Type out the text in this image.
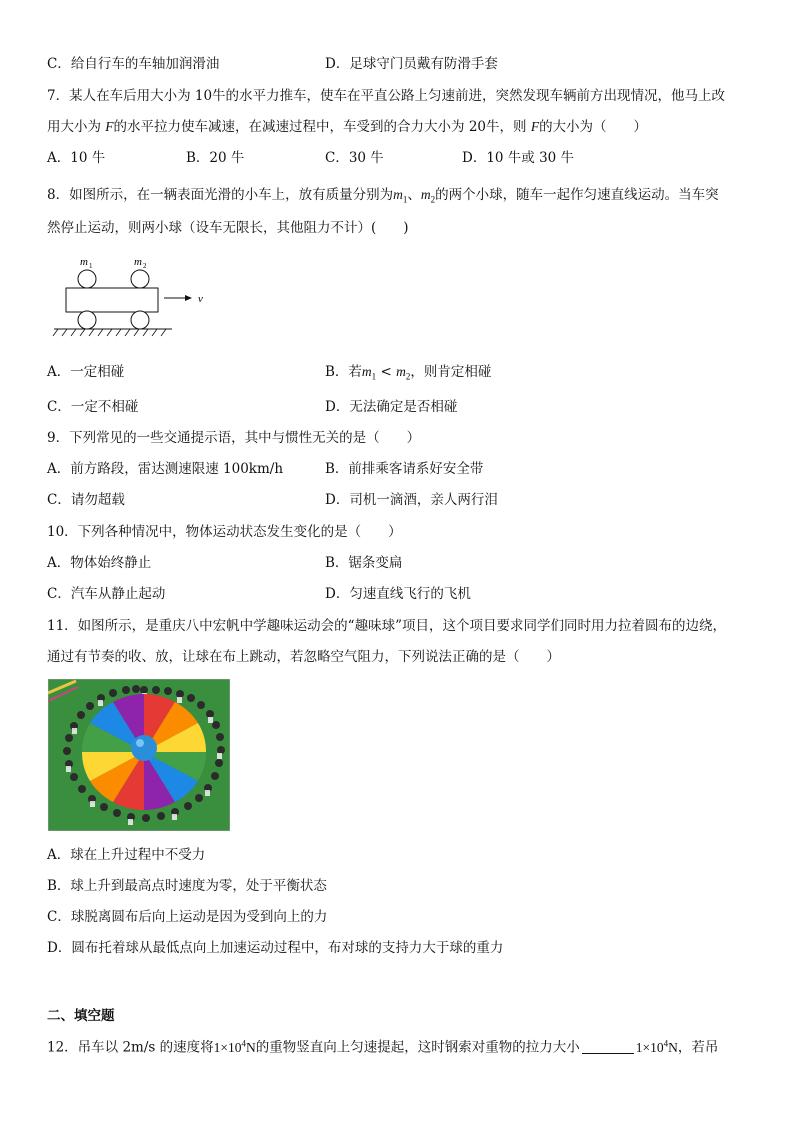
C．给自行车的车轴加润滑油	D．足球守门员戴有防滑手套
7．某人在车后用大小为 10牛的水平力推车，使车在平直公路上匀速前进，突然发现车辆前方出现情况，他马上改
用大小为 F的水平拉力使车减速，在减速过程中，车受到的合力大小为 20牛，则 F的大小为（　　）
A．10 牛	B．20 牛	C．30 牛	D．10 牛或 30 牛
8．如图所示，在一辆表面光滑的小车上，放有质量分别为$m_1$、$m_2$的两个小球，随车一起作匀速直线运动。当车突
然停止运动，则两小球（设车无限长，其他阻力不计）(　　)
m 1	m 2
v
A．一定相碰	B．若$m_1 < m_2$，则肯定相碰
C．一定不相碰	D．无法确定是否相碰
9．下列常见的一些交通提示语，其中与惯性无关的是（　　）
A．前方路段，雷达测速限速 100km/h	B．前排乘客请系好安全带
C．请勿超载	D．司机一滴酒，亲人两行泪
10．下列各种情况中，物体运动状态发生变化的是（　　）
A．物体始终静止	B．锯条变扁
C．汽车从静止起动	D．匀速直线飞行的飞机
11．如图所示，是重庆八中宏帆中学趣味运动会的“趣味球”项目，这个项目要求同学们同时用力拉着圆布的边绕，
通过有节奏的收、放，让球在布上跳动，若忽略空气阻力，下列说法正确的是（　　）
A．球在上升过程中不受力
B．球上升到最高点时速度为零，处于平衡状态
C．球脱离圆布后向上运动是因为受到向上的力
D．圆布托着球从最低点向上加速运动过程中，布对球的支持力大于球的重力
二、填空题
12．吊车以 2m/s 的速度将$1\times 10^4N$的重物竖直向上匀速提起，这时钢索对重物的拉力大小	$1\times 10^4N$，若吊
